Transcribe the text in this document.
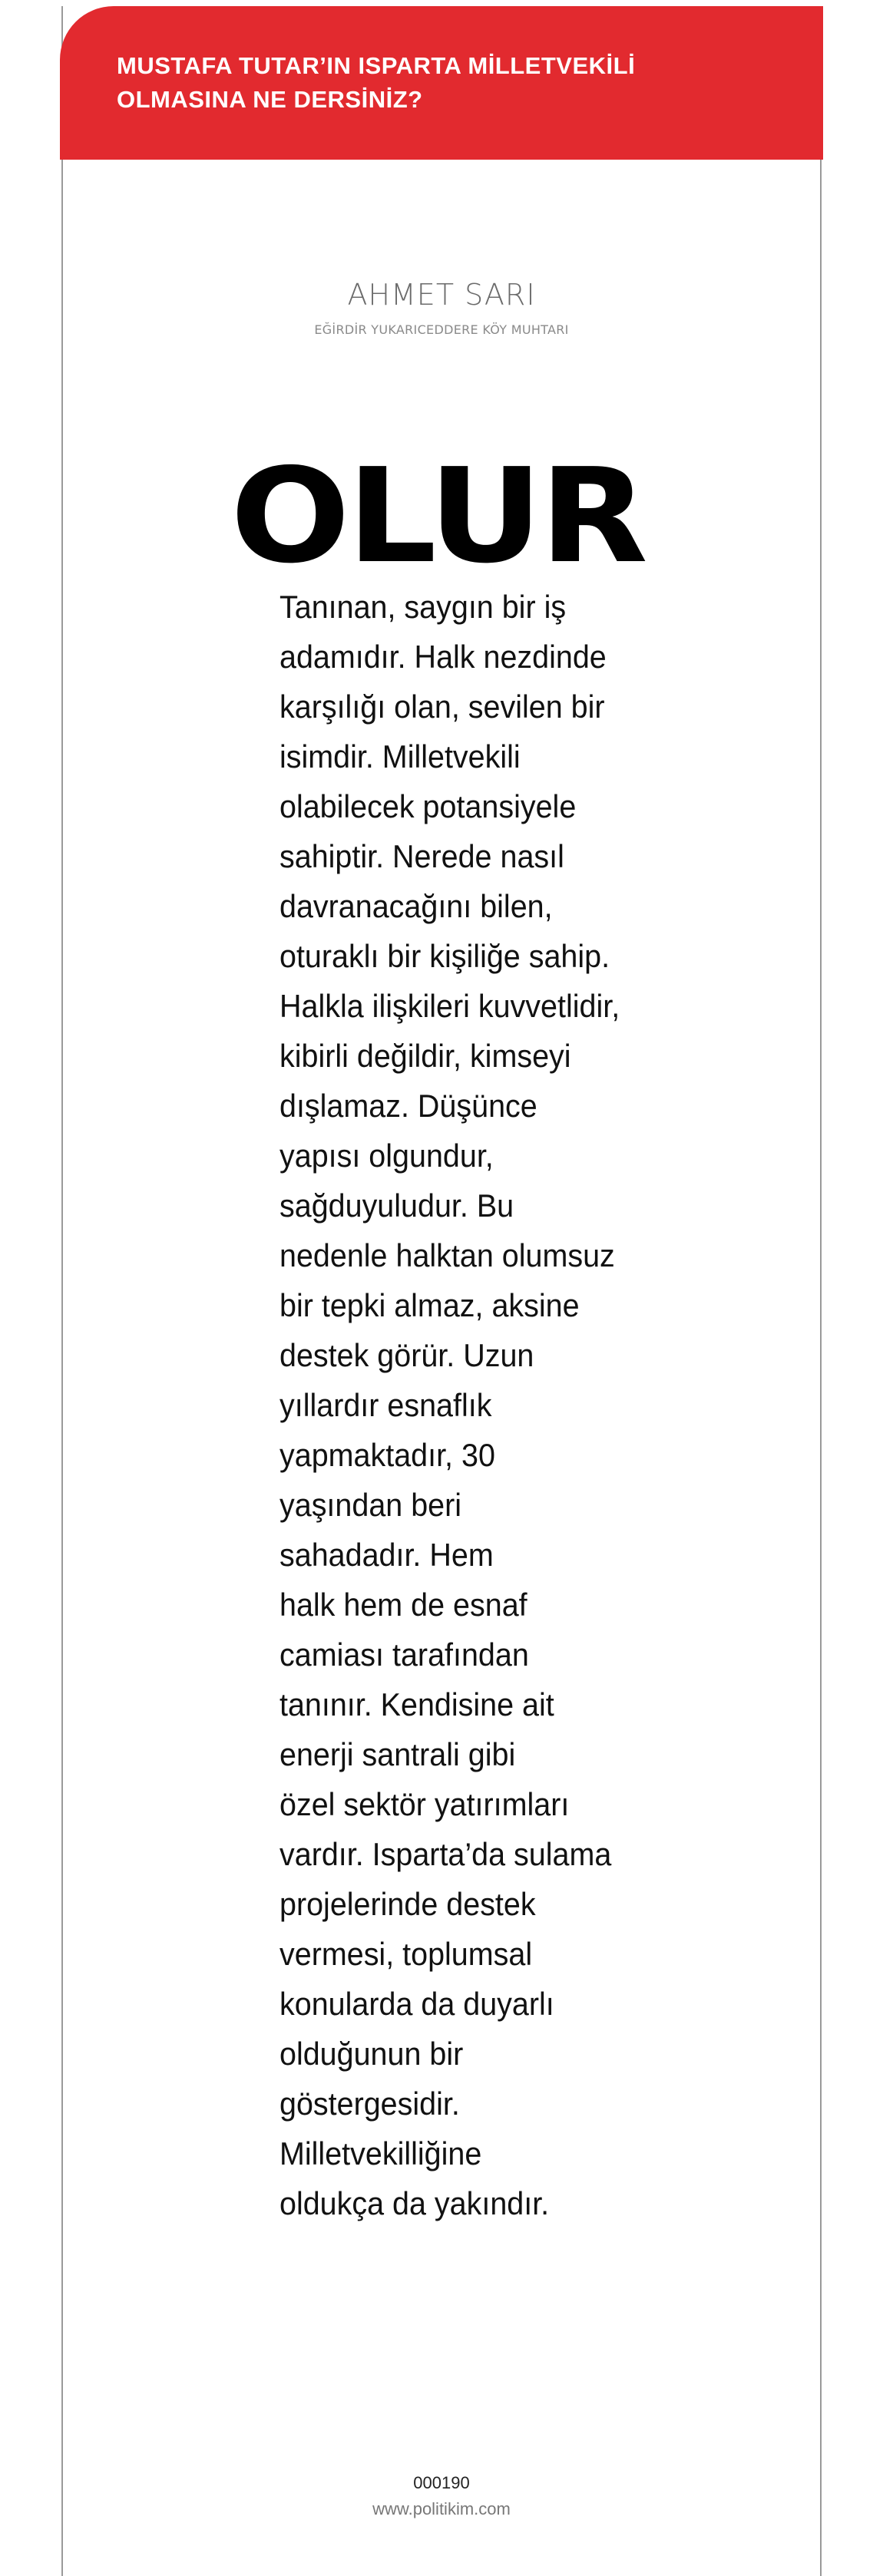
MUSTAFA TUTAR’IN ISPARTA MİLLETVEKİLİ
OLMASINA NE DERSİNİZ?

AHMET SARI

EĞİRDİR YUKARICEDDERE KÖY MUHTARI

OLUR

Tanınan, saygın bir iş
adamıdır. Halk nezdinde
karşılığı olan, sevilen bir
isimdir. Milletvekili
olabilecek potansiyele
sahiptir. Nerede nasıl
davranacağını bilen,
oturaklı bir kişiliğe sahip.
Halkla ilişkileri kuvvetlidir,
kibirli değildir, kimseyi
dışlamaz. Düşünce
yapısı olgundur,
sağduyuludur. Bu
nedenle halktan olumsuz
bir tepki almaz, aksine
destek görür. Uzun
yıllardır esnaflık
yapmaktadır, 30
yaşından beri
sahadadır. Hem
halk hem de esnaf
camiası tarafından
tanınır. Kendisine ait
enerji santrali gibi
özel sektör yatırımları
vardır. Isparta’da sulama
projelerinde destek
vermesi, toplumsal
konularda da duyarlı
olduğunun bir
göstergesidir.
Milletvekilliğine
oldukça da yakındır.

000190

www.politikim.com
